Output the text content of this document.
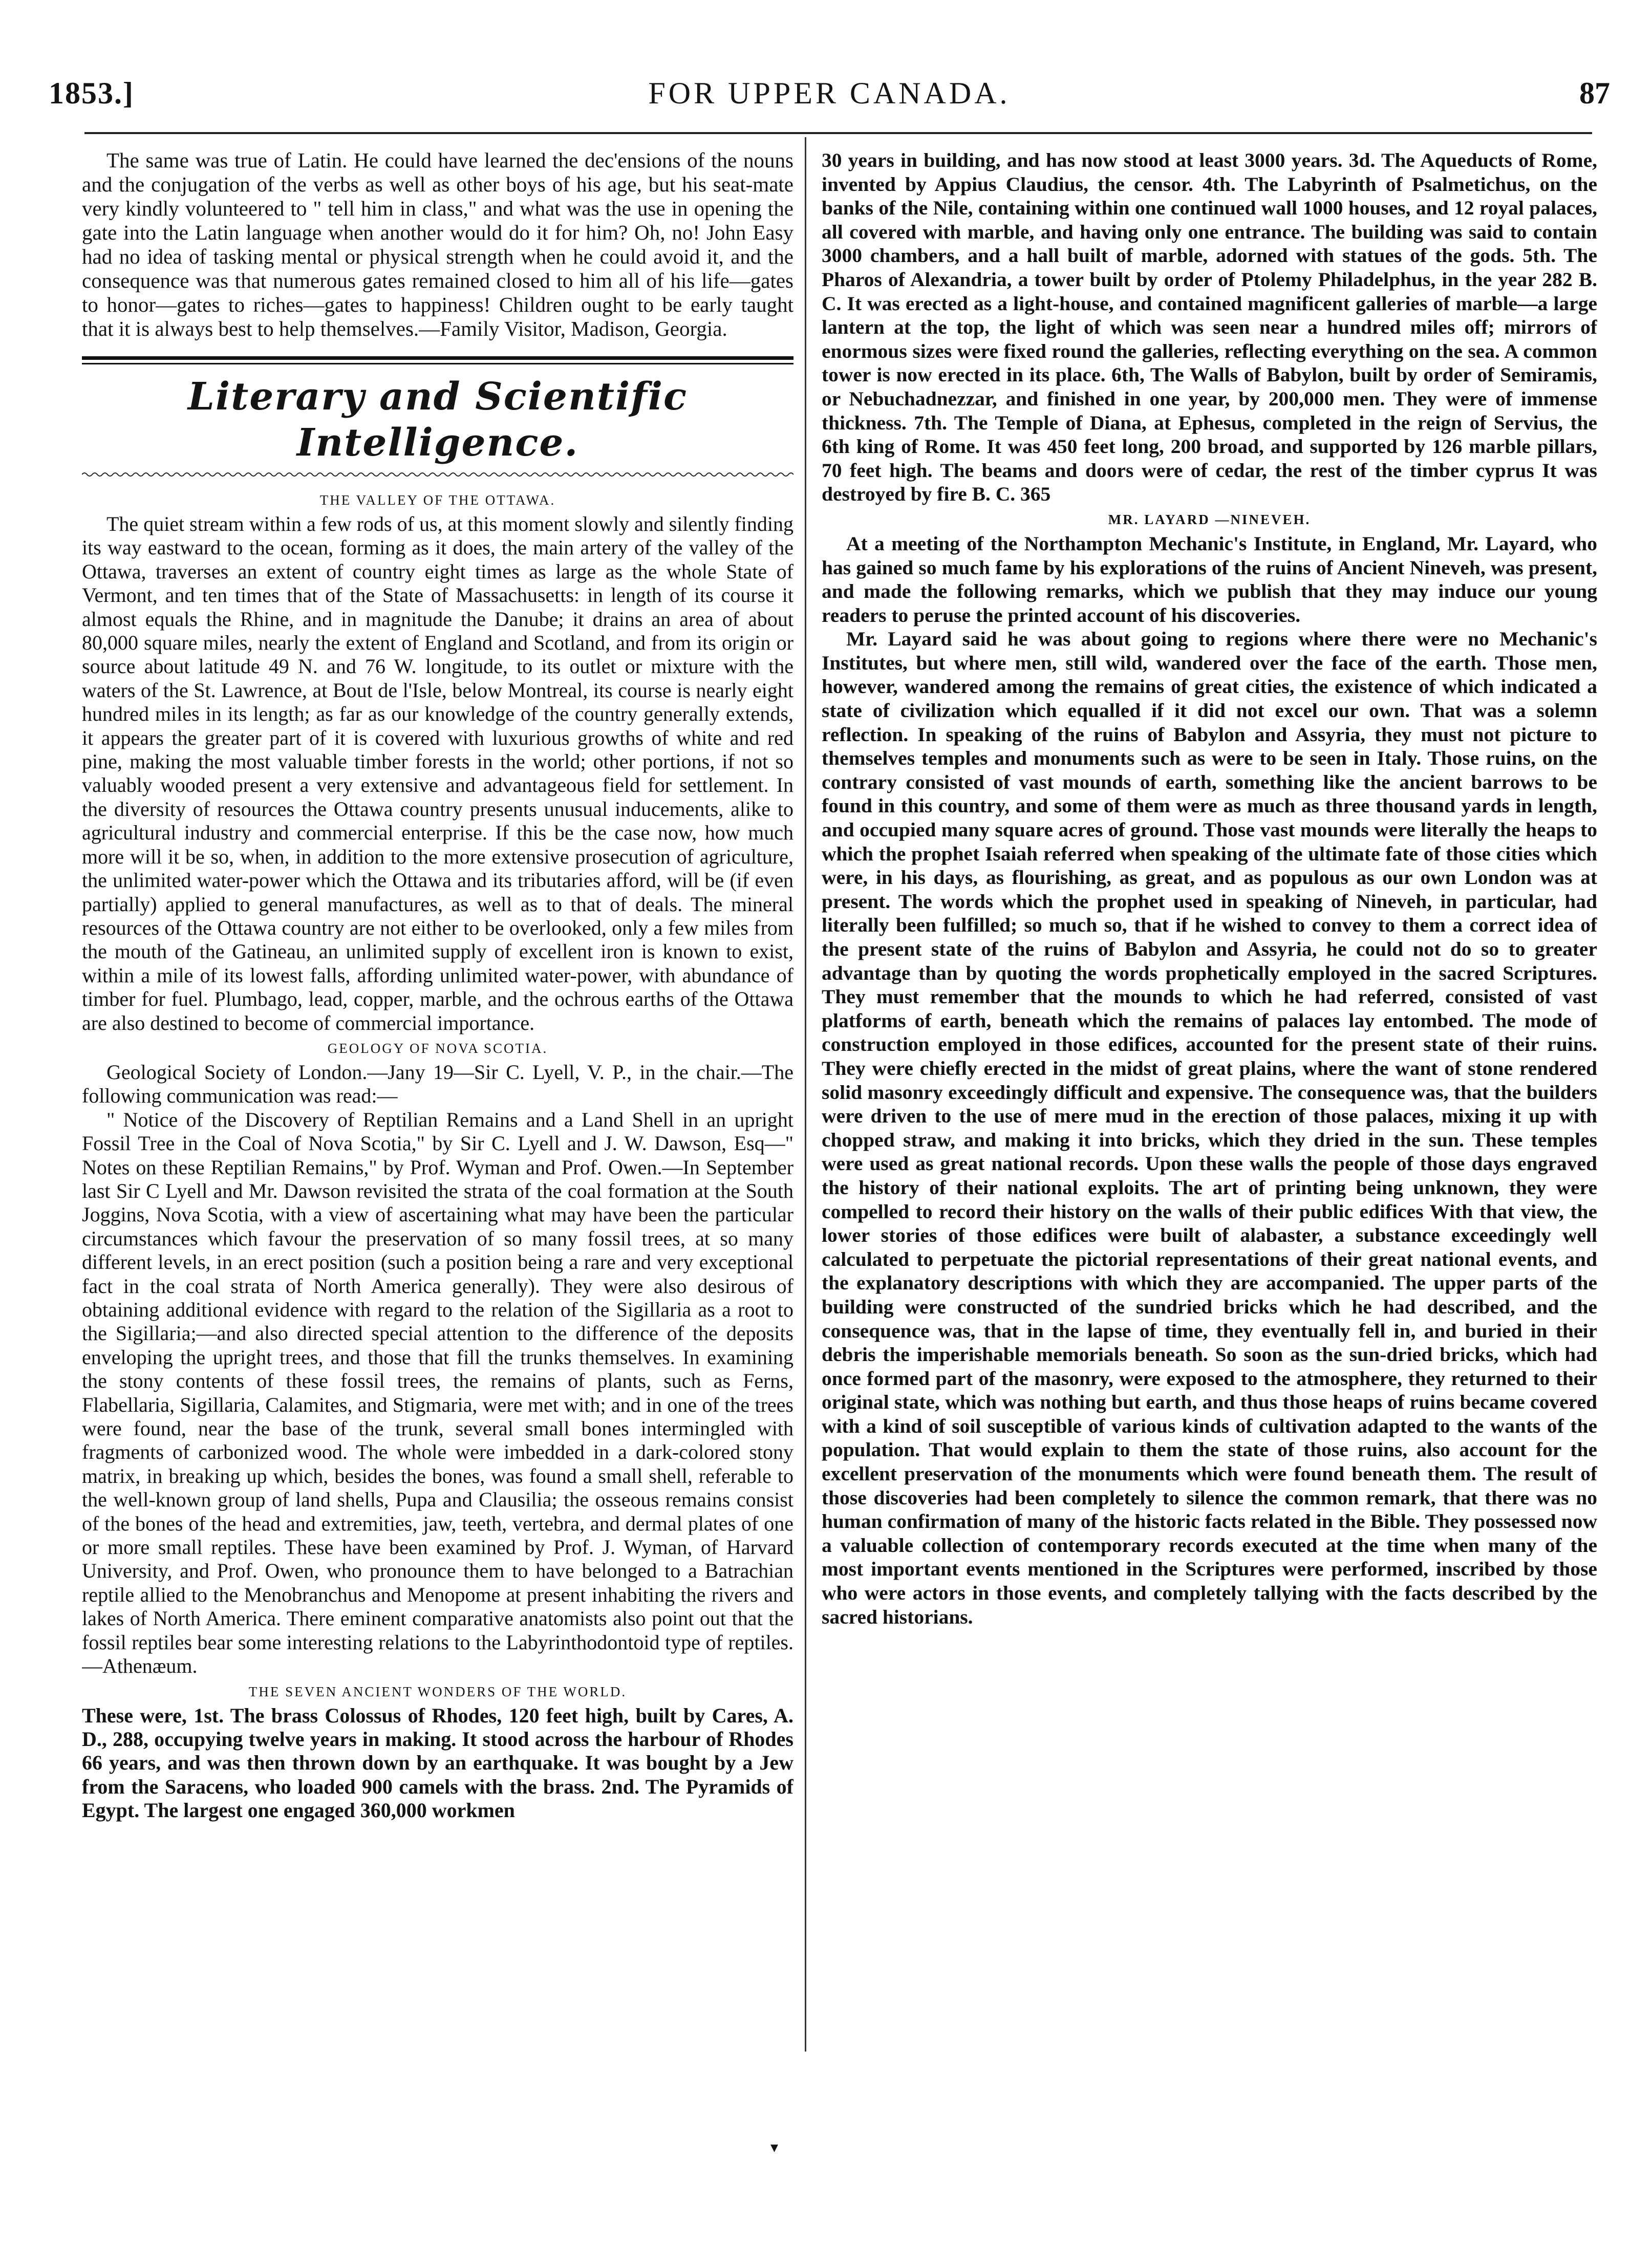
1853.]	FOR UPPER CANADA.	87

The same was true of Latin. He could have learned the dec'ensions of the nouns and the conjugation of the verbs as well as other boys of his age, but his seat-mate very kindly volunteered to " tell him in class," and what was the use in opening the gate into the Latin language when another would do it for him? Oh, no! John Easy had no idea of tasking mental or physical strength when he could avoid it, and the consequence was that numerous gates remained closed to him all of his life—gates to honor—gates to riches—gates to happiness! Children ought to be early taught that it is always best to help themselves.—Family Visitor, Madison, Georgia.

Literary and Scientific Intelligence.
THE VALLEY OF THE OTTAWA.

The quiet stream within a few rods of us, at this moment slowly and silently finding its way eastward to the ocean, forming as it does, the main artery of the valley of the Ottawa, traverses an extent of country eight times as large as the whole State of Vermont, and ten times that of the State of Massachusetts: in length of its course it almost equals the Rhine, and in magnitude the Danube; it drains an area of about 80,000 square miles, nearly the extent of England and Scotland, and from its origin or source about latitude 49 N. and 76 W. longitude, to its outlet or mixture with the waters of the St. Lawrence, at Bout de l'Isle, below Montreal, its course is nearly eight hundred miles in its length; as far as our knowledge of the country generally extends, it appears the greater part of it is covered with luxurious growths of white and red pine, making the most valuable timber forests in the world; other portions, if not so valuably wooded present a very extensive and advantageous field for settlement. In the diversity of resources the Ottawa country presents unusual inducements, alike to agricultural industry and commercial enterprise. If this be the case now, how much more will it be so, when, in addition to the more extensive prosecution of agriculture, the unlimited water-power which the Ottawa and its tributaries afford, will be (if even partially) applied to general manufactures, as well as to that of deals. The mineral resources of the Ottawa country are not either to be overlooked, only a few miles from the mouth of the Gatineau, an unlimited supply of excellent iron is known to exist, within a mile of its lowest falls, affording unlimited water-power, with abundance of timber for fuel. Plumbago, lead, copper, marble, and the ochrous earths of the Ottawa are also destined to become of commercial importance.

GEOLOGY OF NOVA SCOTIA.

Geological Society of London.—Jany 19—Sir C. Lyell, V. P., in the chair.—The following communication was read:—

" Notice of the Discovery of Reptilian Remains and a Land Shell in an upright Fossil Tree in the Coal of Nova Scotia," by Sir C. Lyell and J. W. Dawson, Esq—" Notes on these Reptilian Remains," by Prof. Wyman and Prof. Owen.—In September last Sir C Lyell and Mr. Dawson revisited the strata of the coal formation at the South Joggins, Nova Scotia, with a view of ascertaining what may have been the particular circumstances which favour the preservation of so many fossil trees, at so many different levels, in an erect position (such a position being a rare and very exceptional fact in the coal strata of North America generally). They were also desirous of obtaining additional evidence with regard to the relation of the Sigillaria as a root to the Sigillaria;—and also directed special attention to the difference of the deposits enveloping the upright trees, and those that fill the trunks themselves. In examining the stony contents of these fossil trees, the remains of plants, such as Ferns, Flabellaria, Sigillaria, Calamites, and Stigmaria, were met with; and in one of the trees were found, near the base of the trunk, several small bones intermingled with fragments of carbonized wood. The whole were imbedded in a dark-colored stony matrix, in breaking up which, besides the bones, was found a small shell, referable to the well-known group of land shells, Pupa and Clausilia; the osseous remains consist of the bones of the head and extremities, jaw, teeth, vertebra, and dermal plates of one or more small reptiles. These have been examined by Prof. J. Wyman, of Harvard University, and Prof. Owen, who pronounce them to have belonged to a Batrachian reptile allied to the Menobranchus and Menopome at present inhabiting the rivers and lakes of North America. There eminent comparative anatomists also point out that the fossil reptiles bear some interesting relations to the Labyrinthodontoid type of reptiles.—Athenæum.

THE SEVEN ANCIENT WONDERS OF THE WORLD.

These were, 1st. The brass Colossus of Rhodes, 120 feet high, built by Cares, A. D., 288, occupying twelve years in making. It stood across the harbour of Rhodes 66 years, and was then thrown down by an earthquake. It was bought by a Jew from the Saracens, who loaded 900 camels with the brass. 2nd. The Pyramids of Egypt. The largest one engaged 360,000 workmen

30 years in building, and has now stood at least 3000 years. 3d. The Aqueducts of Rome, invented by Appius Claudius, the censor. 4th. The Labyrinth of Psalmetichus, on the banks of the Nile, containing within one continued wall 1000 houses, and 12 royal palaces, all covered with marble, and having only one entrance. The building was said to contain 3000 chambers, and a hall built of marble, adorned with statues of the gods. 5th. The Pharos of Alexandria, a tower built by order of Ptolemy Philadelphus, in the year 282 B. C. It was erected as a light-house, and contained magnificent galleries of marble—a large lantern at the top, the light of which was seen near a hundred miles off; mirrors of enormous sizes were fixed round the galleries, reflecting everything on the sea. A common tower is now erected in its place. 6th, The Walls of Babylon, built by order of Semiramis, or Nebuchadnezzar, and finished in one year, by 200,000 men. They were of immense thickness. 7th. The Temple of Diana, at Ephesus, completed in the reign of Servius, the 6th king of Rome. It was 450 feet long, 200 broad, and supported by 126 marble pillars, 70 feet high. The beams and doors were of cedar, the rest of the timber cyprus It was destroyed by fire B. C. 365

MR. LAYARD —NINEVEH.

At a meeting of the Northampton Mechanic's Institute, in England, Mr. Layard, who has gained so much fame by his explorations of the ruins of Ancient Nineveh, was present, and made the following remarks, which we publish that they may induce our young readers to peruse the printed account of his discoveries.

Mr. Layard said he was about going to regions where there were no Mechanic's Institutes, but where men, still wild, wandered over the face of the earth. Those men, however, wandered among the remains of great cities, the existence of which indicated a state of civilization which equalled if it did not excel our own. That was a solemn reflection. In speaking of the ruins of Babylon and Assyria, they must not picture to themselves temples and monuments such as were to be seen in Italy. Those ruins, on the contrary consisted of vast mounds of earth, something like the ancient barrows to be found in this country, and some of them were as much as three thousand yards in length, and occupied many square acres of ground. Those vast mounds were literally the heaps to which the prophet Isaiah referred when speaking of the ultimate fate of those cities which were, in his days, as flourishing, as great, and as populous as our own London was at present. The words which the prophet used in speaking of Nineveh, in particular, had literally been fulfilled; so much so, that if he wished to convey to them a correct idea of the present state of the ruins of Babylon and Assyria, he could not do so to greater advantage than by quoting the words prophetically employed in the sacred Scriptures. They must remember that the mounds to which he had referred, consisted of vast platforms of earth, beneath which the remains of palaces lay entombed. The mode of construction employed in those edifices, accounted for the present state of their ruins. They were chiefly erected in the midst of great plains, where the want of stone rendered solid masonry exceedingly difficult and expensive. The consequence was, that the builders were driven to the use of mere mud in the erection of those palaces, mixing it up with chopped straw, and making it into bricks, which they dried in the sun. These temples were used as great national records. Upon these walls the people of those days engraved the history of their national exploits. The art of printing being unknown, they were compelled to record their history on the walls of their public edifices With that view, the lower stories of those edifices were built of alabaster, a substance exceedingly well calculated to perpetuate the pictorial representations of their great national events, and the explanatory descriptions with which they are accompanied. The upper parts of the building were constructed of the sundried bricks which he had described, and the consequence was, that in the lapse of time, they eventually fell in, and buried in their debris the imperishable memorials beneath. So soon as the sun-dried bricks, which had once formed part of the masonry, were exposed to the atmosphere, they returned to their original state, which was nothing but earth, and thus those heaps of ruins became covered with a kind of soil susceptible of various kinds of cultivation adapted to the wants of the population. That would explain to them the state of those ruins, also account for the excellent preservation of the monuments which were found beneath them. The result of those discoveries had been completely to silence the common remark, that there was no human confirmation of many of the historic facts related in the Bible. They possessed now a valuable collection of contemporary records executed at the time when many of the most important events mentioned in the Scriptures were performed, inscribed by those who were actors in those events, and completely tallying with the facts described by the sacred historians.

▾
